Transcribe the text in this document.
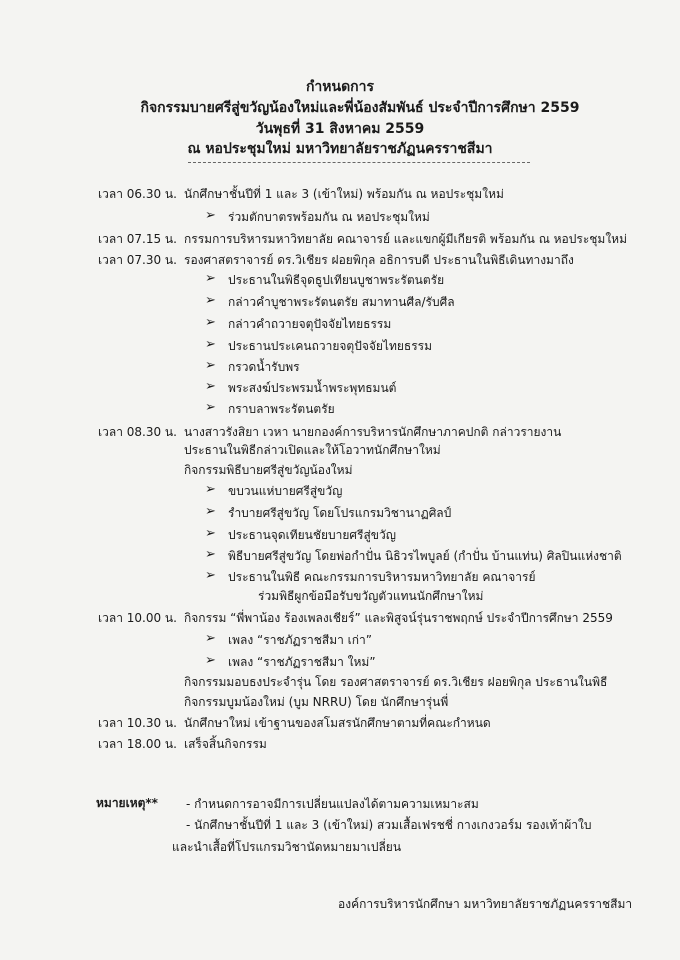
กำหนดการ
กิจกรรมบายศรีสู่ขวัญน้องใหม่และพี่น้องสัมพันธ์ ประจำปีการศึกษา 2559
วันพุธที่ 31 สิงหาคม 2559
ณ หอประชุมใหม่ มหาวิทยาลัยราชภัฏนครราชสีมา
เวลา 06.30 น. นักศึกษาชั้นปีที่ 1 และ 3 (เข้าใหม่) พร้อมกัน ณ หอประชุมใหม่
➢ ร่วมตักบาตรพร้อมกัน ณ หอประชุมใหม่
เวลา 07.15 น. กรรมการบริหารมหาวิทยาลัย คณาจารย์ และแขกผู้มีเกียรติ พร้อมกัน ณ หอประชุมใหม่
เวลา 07.30 น. รองศาสตราจารย์ ดร.วิเชียร ฝอยพิกุล อธิการบดี ประธานในพิธีเดินทางมาถึง
➢ ประธานในพิธีจุดธูปเทียนบูชาพระรัตนตรัย
➢ กล่าวคำบูชาพระรัตนตรัย สมาทานศีล/รับศีล
➢ กล่าวคำถวายจตุปัจจัยไทยธรรม
➢ ประธานประเคนถวายจตุปัจจัยไทยธรรม
➢ กรวดน้ำรับพร
➢ พระสงฆ์ประพรมน้ำพระพุทธมนต์
➢ กราบลาพระรัตนตรัย
เวลา 08.30 น. นางสาวรังสิยา เวหา นายกองค์การบริหารนักศึกษาภาคปกติ กล่าวรายงาน
ประธานในพิธีกล่าวเปิดและให้โอวาทนักศึกษาใหม่
กิจกรรมพิธีบายศรีสู่ขวัญน้องใหม่
➢ ขบวนแห่บายศรีสู่ขวัญ
➢ รำบายศรีสู่ขวัญ โดยโปรแกรมวิชานาฏศิลป์
➢ ประธานจุดเทียนชัยบายศรีสู่ขวัญ
➢ พิธีบายศรีสู่ขวัญ โดยพ่อกำปั่น นิธิวรไพบูลย์ (กำปั่น บ้านแท่น) ศิลปินแห่งชาติ
➢ ประธานในพิธี คณะกรรมการบริหารมหาวิทยาลัย คณาจารย์
ร่วมพิธีผูกข้อมือรับขวัญตัวแทนนักศึกษาใหม่
เวลา 10.00 น. กิจกรรม “พี่พาน้อง ร้องเพลงเชียร์” และพิสูจน์รุ่นราชพฤกษ์ ประจำปีการศึกษา 2559
➢ เพลง “ราชภัฏราชสีมา เก่า”
➢ เพลง “ราชภัฏราชสีมา ใหม่”
กิจกรรมมอบธงประจำรุ่น โดย รองศาสตราจารย์ ดร.วิเชียร ฝอยพิกุล ประธานในพิธี
กิจกรรมบูมน้องใหม่ (บูม NRRU) โดย นักศึกษารุ่นพี่
เวลา 10.30 น. นักศึกษาใหม่ เข้าฐานของสโมสรนักศึกษาตามที่คณะกำหนด
เวลา 18.00 น. เสร็จสิ้นกิจกรรม
หมายเหตุ** - กำหนดการอาจมีการเปลี่ยนแปลงได้ตามความเหมาะสม
- นักศึกษาชั้นปีที่ 1 และ 3 (เข้าใหม่) สวมเสื้อเฟรชชี่ กางเกงวอร์ม รองเท้าผ้าใบ
และนำเสื้อที่โปรแกรมวิชานัดหมายมาเปลี่ยน
องค์การบริหารนักศึกษา มหาวิทยาลัยราชภัฏนครราชสีมา
